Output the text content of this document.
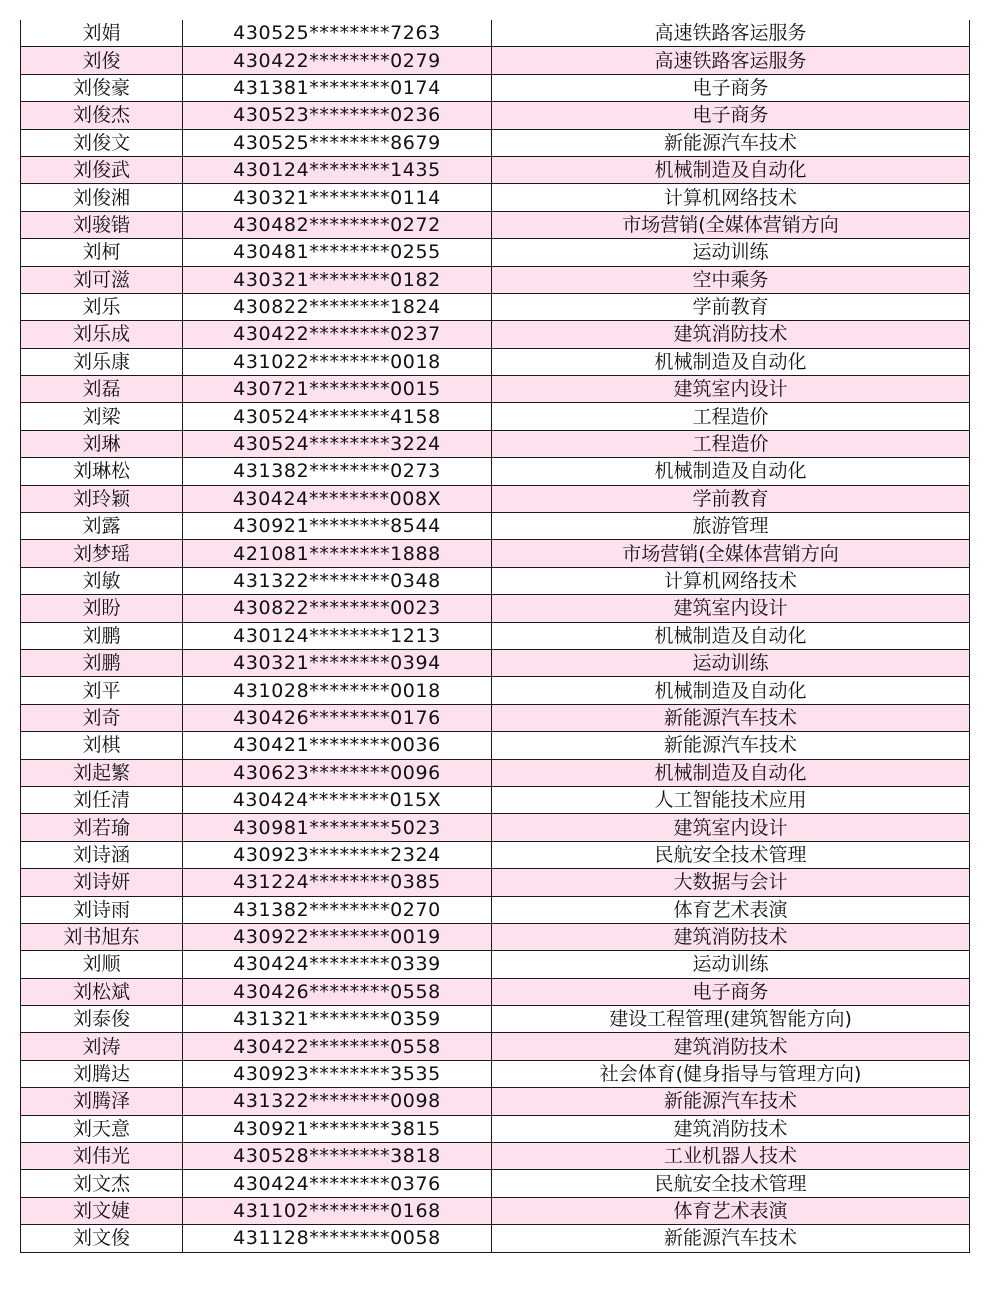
刘娟	430525********7263	高速铁路客运服务
刘俊	430422********0279	高速铁路客运服务
刘俊豪	431381********0174	电子商务
刘俊杰	430523********0236	电子商务
刘俊文	430525********8679	新能源汽车技术
刘俊武	430124********1435	机械制造及自动化
刘俊湘	430321********0114	计算机网络技术
刘骏锴	430482********0272	市场营销(全媒体营销方向
刘柯	430481********0255	运动训练
刘可滋	430321********0182	空中乘务
刘乐	430822********1824	学前教育
刘乐成	430422********0237	建筑消防技术
刘乐康	431022********0018	机械制造及自动化
刘磊	430721********0015	建筑室内设计
刘梁	430524********4158	工程造价
刘琳	430524********3224	工程造价
刘琳松	431382********0273	机械制造及自动化
刘玲颖	430424********008X	学前教育
刘露	430921********8544	旅游管理
刘梦瑶	421081********1888	市场营销(全媒体营销方向
刘敏	431322********0348	计算机网络技术
刘盼	430822********0023	建筑室内设计
刘鹏	430124********1213	机械制造及自动化
刘鹏	430321********0394	运动训练
刘平	431028********0018	机械制造及自动化
刘奇	430426********0176	新能源汽车技术
刘棋	430421********0036	新能源汽车技术
刘起繁	430623********0096	机械制造及自动化
刘任清	430424********015X	人工智能技术应用
刘若瑜	430981********5023	建筑室内设计
刘诗涵	430923********2324	民航安全技术管理
刘诗妍	431224********0385	大数据与会计
刘诗雨	431382********0270	体育艺术表演
刘书旭东	430922********0019	建筑消防技术
刘顺	430424********0339	运动训练
刘松斌	430426********0558	电子商务
刘泰俊	431321********0359	建设工程管理(建筑智能方向)
刘涛	430422********0558	建筑消防技术
刘腾达	430923********3535	社会体育(健身指导与管理方向)
刘腾泽	431322********0098	新能源汽车技术
刘天意	430921********3815	建筑消防技术
刘伟光	430528********3818	工业机器人技术
刘文杰	430424********0376	民航安全技术管理
刘文婕	431102********0168	体育艺术表演
刘文俊	431128********0058	新能源汽车技术
